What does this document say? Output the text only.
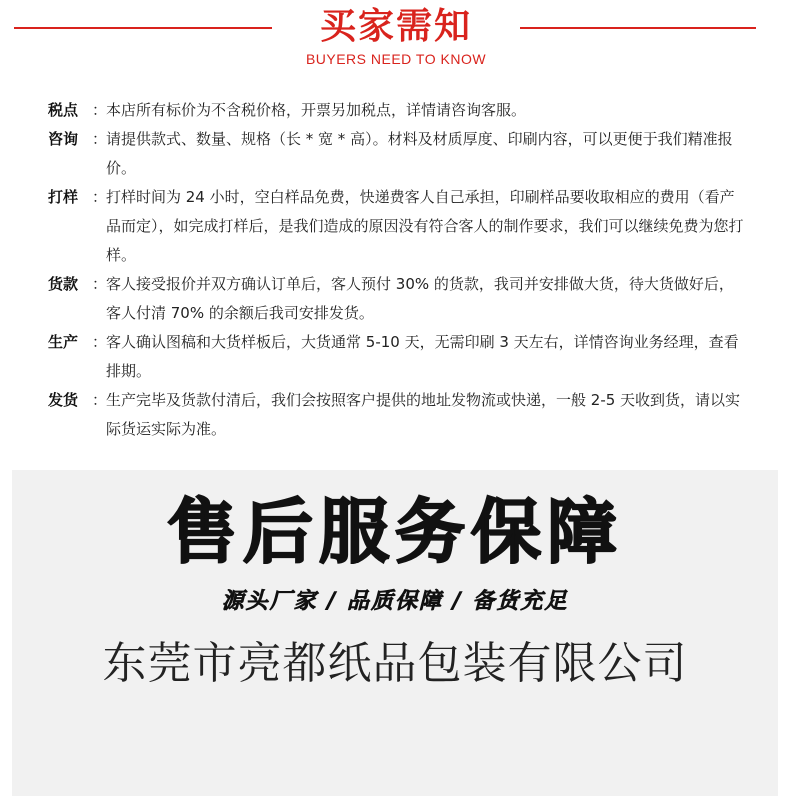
买家需知
BUYERS NEED TO KNOW
税点 ：
本店所有标价为不含税价格，开票另加税点，详情请咨询客服。
咨询 ：
请提供款式、数量、规格（长 * 宽 * 高）。材料及材质厚度、印刷内容，可以更便于我们精准报价。
打样 ：
打样时间为 24 小时，空白样品免费，快递费客人自己承担，印刷样品要收取相应的费用（看产品而定），如完成打样后，是我们造成的原因没有符合客人的制作要求，我们可以继续免费为您打样。
货款 ：
客人接受报价并双方确认订单后，客人预付 30% 的货款，我司并安排做大货，待大货做好后，客人付清 70% 的余额后我司安排发货。
生产 ：
客人确认图稿和大货样板后，大货通常 5-10 天，无需印刷 3 天左右，详情咨询业务经理，查看排期。
发货 ：
生产完毕及货款付清后，我们会按照客户提供的地址发物流或快递，一般 2-5 天收到货，请以实际货运实际为准。
售后服务保障
源头厂家 / 品质保障 / 备货充足
东莞市亮都纸品包装有限公司
